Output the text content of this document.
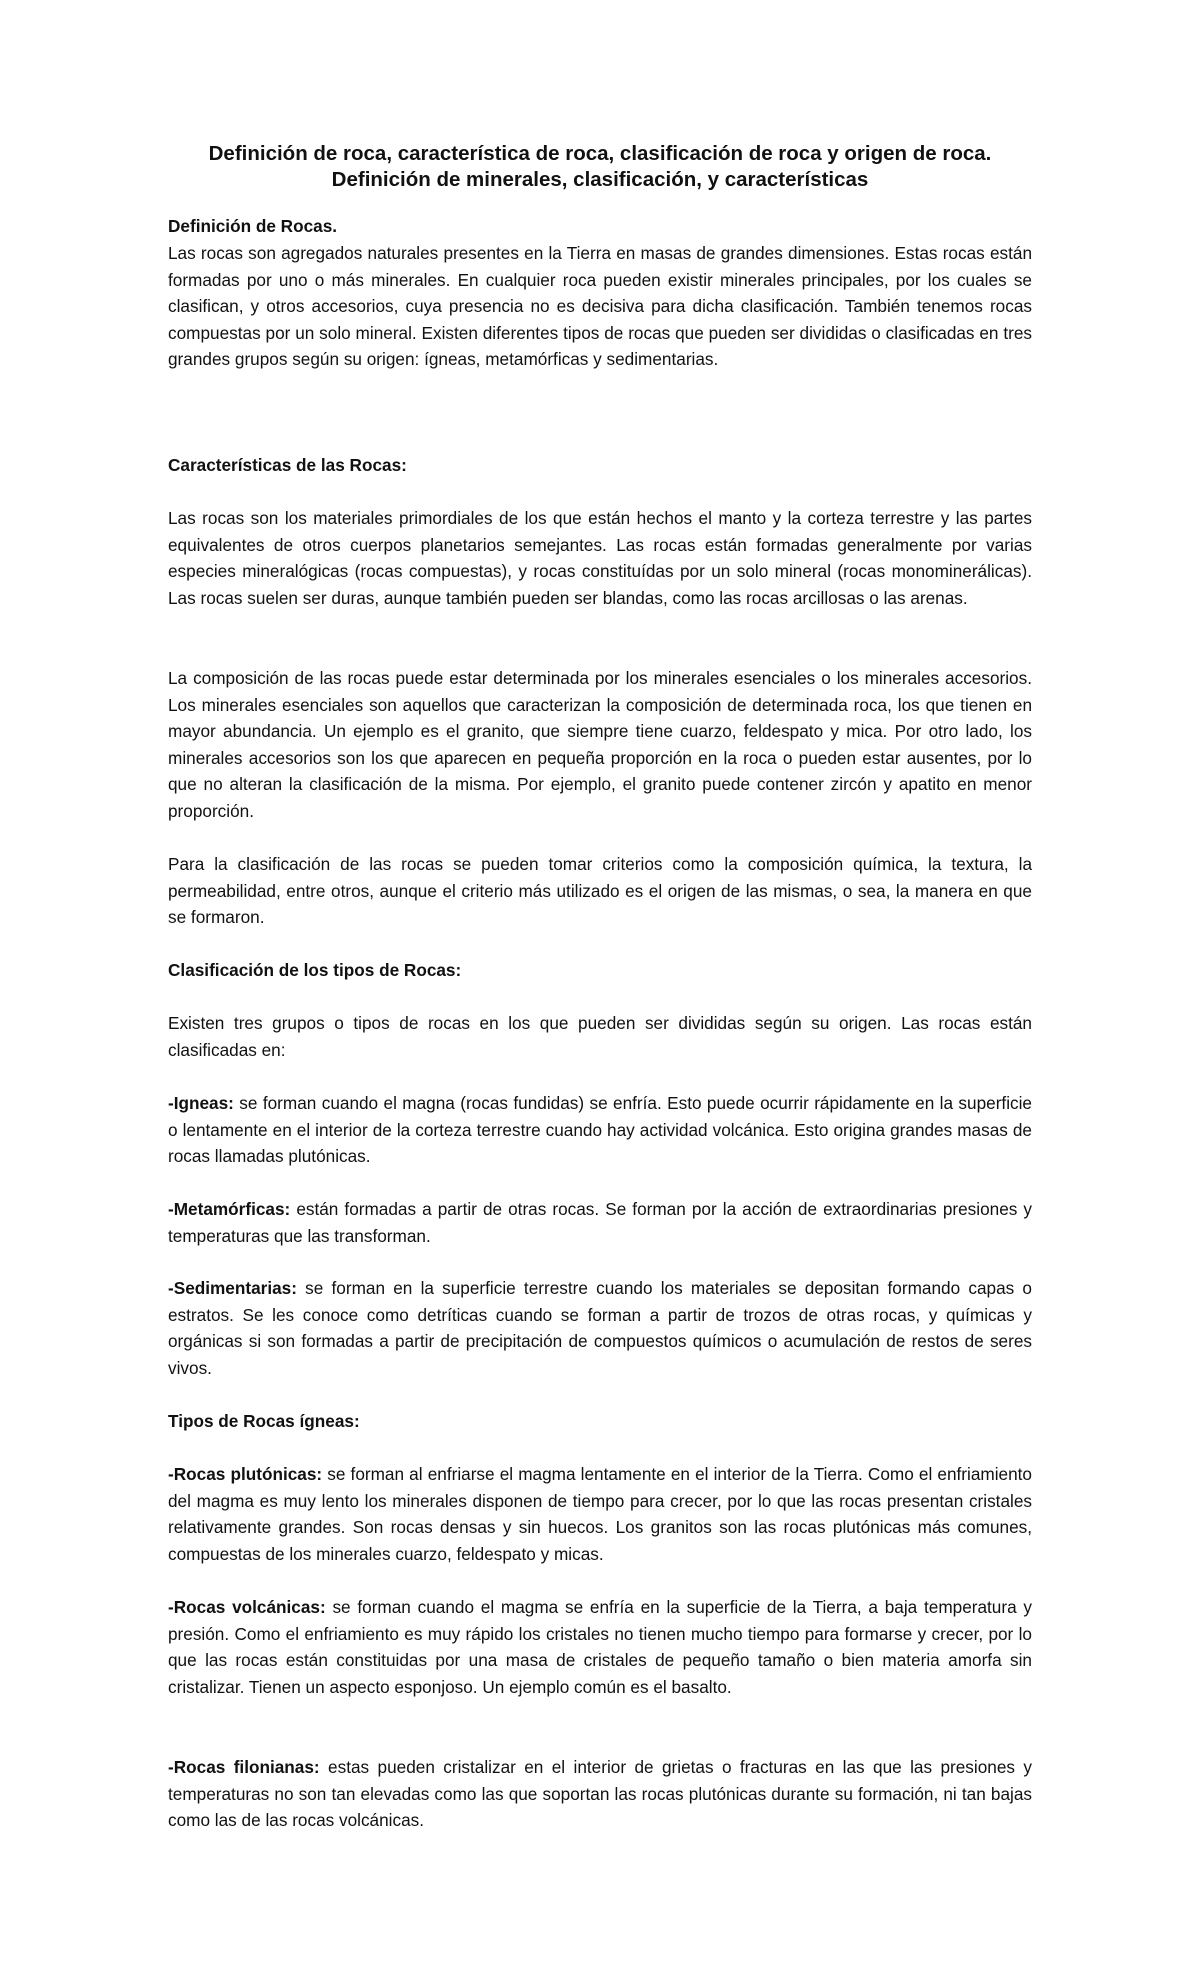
Definición de roca, característica de roca, clasificación de roca y origen de roca.
Definición de minerales, clasificación, y características
Definición de Rocas.

Las rocas son agregados naturales presentes en la Tierra en masas de grandes dimensiones. Estas rocas están formadas por uno o más minerales. En cualquier roca pueden existir minerales principales, por los cuales se clasifican, y otros accesorios, cuya presencia no es decisiva para dicha clasificación. También tenemos rocas compuestas por un solo mineral. Existen diferentes tipos de rocas que pueden ser divididas o clasificadas en tres grandes grupos según su origen: ígneas, metamórficas y sedimentarias.

Características de las Rocas:

Las rocas son los materiales primordiales de los que están hechos el manto y la corteza terrestre y las partes equivalentes de otros cuerpos planetarios semejantes. Las rocas están formadas generalmente por varias especies mineralógicas (rocas compuestas), y rocas constituídas por un solo mineral (rocas monominerálicas). Las rocas suelen ser duras, aunque también pueden ser blandas, como las rocas arcillosas o las arenas.

La composición de las rocas puede estar determinada por los minerales esenciales o los minerales accesorios. Los minerales esenciales son aquellos que caracterizan la composición de determinada roca, los que tienen en mayor abundancia. Un ejemplo es el granito, que siempre tiene cuarzo, feldespato y mica. Por otro lado, los minerales accesorios son los que aparecen en pequeña proporción en la roca o pueden estar ausentes, por lo que no alteran la clasificación de la misma. Por ejemplo, el granito puede contener zircón y apatito en menor proporción.

Para la clasificación de las rocas se pueden tomar criterios como la composición química, la textura, la permeabilidad, entre otros, aunque el criterio más utilizado es el origen de las mismas, o sea, la manera en que se formaron.

Clasificación de los tipos de Rocas:

Existen tres grupos o tipos de rocas en los que pueden ser divididas según su origen. Las rocas están clasificadas en:

-Igneas: se forman cuando el magna (rocas fundidas) se enfría. Esto puede ocurrir rápidamente en la superficie o lentamente en el interior de la corteza terrestre cuando hay actividad volcánica. Esto origina grandes masas de rocas llamadas plutónicas.

-Metamórficas: están formadas a partir de otras rocas. Se forman por la acción de extraordinarias presiones y temperaturas que las transforman.

-Sedimentarias: se forman en la superficie terrestre cuando los materiales se depositan formando capas o estratos. Se les conoce como detríticas cuando se forman a partir de trozos de otras rocas, y químicas y orgánicas si son formadas a partir de precipitación de compuestos químicos o acumulación de restos de seres vivos.

Tipos de Rocas ígneas:

-Rocas plutónicas: se forman al enfriarse el magma lentamente en el interior de la Tierra. Como el enfriamiento del magma es muy lento los minerales disponen de tiempo para crecer, por lo que las rocas presentan cristales relativamente grandes. Son rocas densas y sin huecos. Los granitos son las rocas plutónicas más comunes, compuestas de los minerales cuarzo, feldespato y micas.

-Rocas volcánicas: se forman cuando el magma se enfría en la superficie de la Tierra, a baja temperatura y presión. Como el enfriamiento es muy rápido los cristales no tienen mucho tiempo para formarse y crecer, por lo que las rocas están constituidas por una masa de cristales de pequeño tamaño o bien materia amorfa sin cristalizar. Tienen un aspecto esponjoso. Un ejemplo común es el basalto.

-Rocas filonianas: estas pueden cristalizar en el interior de grietas o fracturas en las que las presiones y temperaturas no son tan elevadas como las que soportan las rocas plutónicas durante su formación, ni tan bajas como las de las rocas volcánicas.
